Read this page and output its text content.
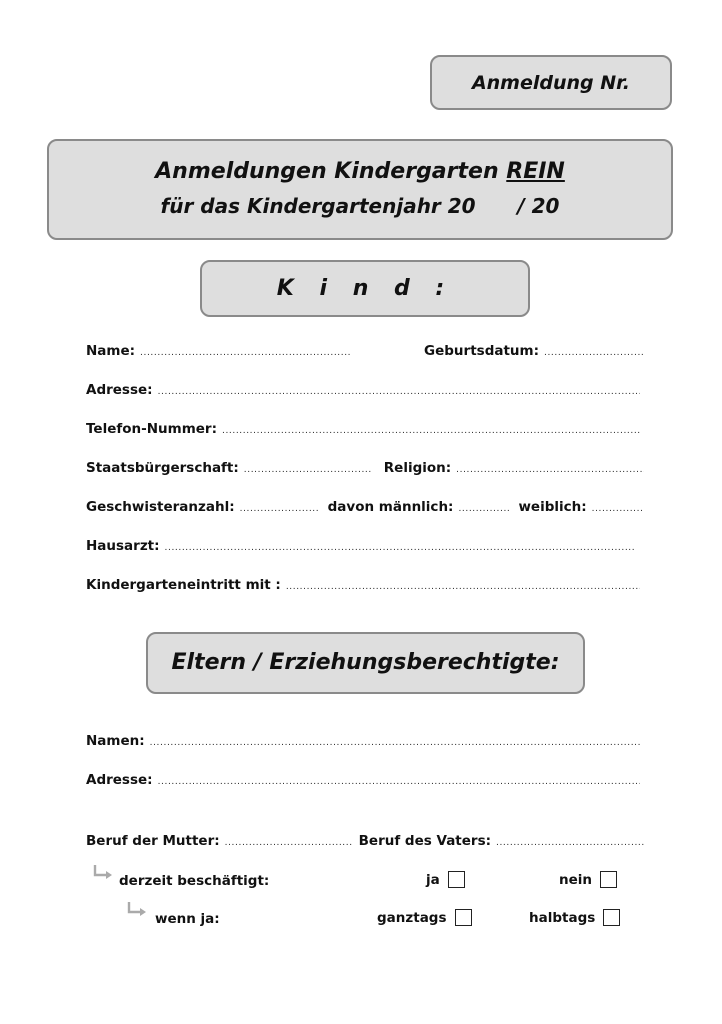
Anmeldung Nr.
Anmeldungen Kindergarten REIN
für das Kindergartenjahr 20      / 20
K i n d :
Name: .....	Geburtsdatum:
.....
Adresse:
.....
Telefon-Nummer:
.....
Staatsbürgerschaft: .....	Religion:
.....
Geschwisteranzahl: .....	davon männlich: .....	weiblich:
.....
Hausarzt:
.....
Kindergarteneintritt mit :
.....
Eltern / Erziehungsberechtigte:
Namen:
.....
Adresse:
.....
Beruf der Mutter: .....	Beruf des Vaters:
.....
derzeit beschäftigt:	ja	nein
wenn ja:	ganztags	halbtags
